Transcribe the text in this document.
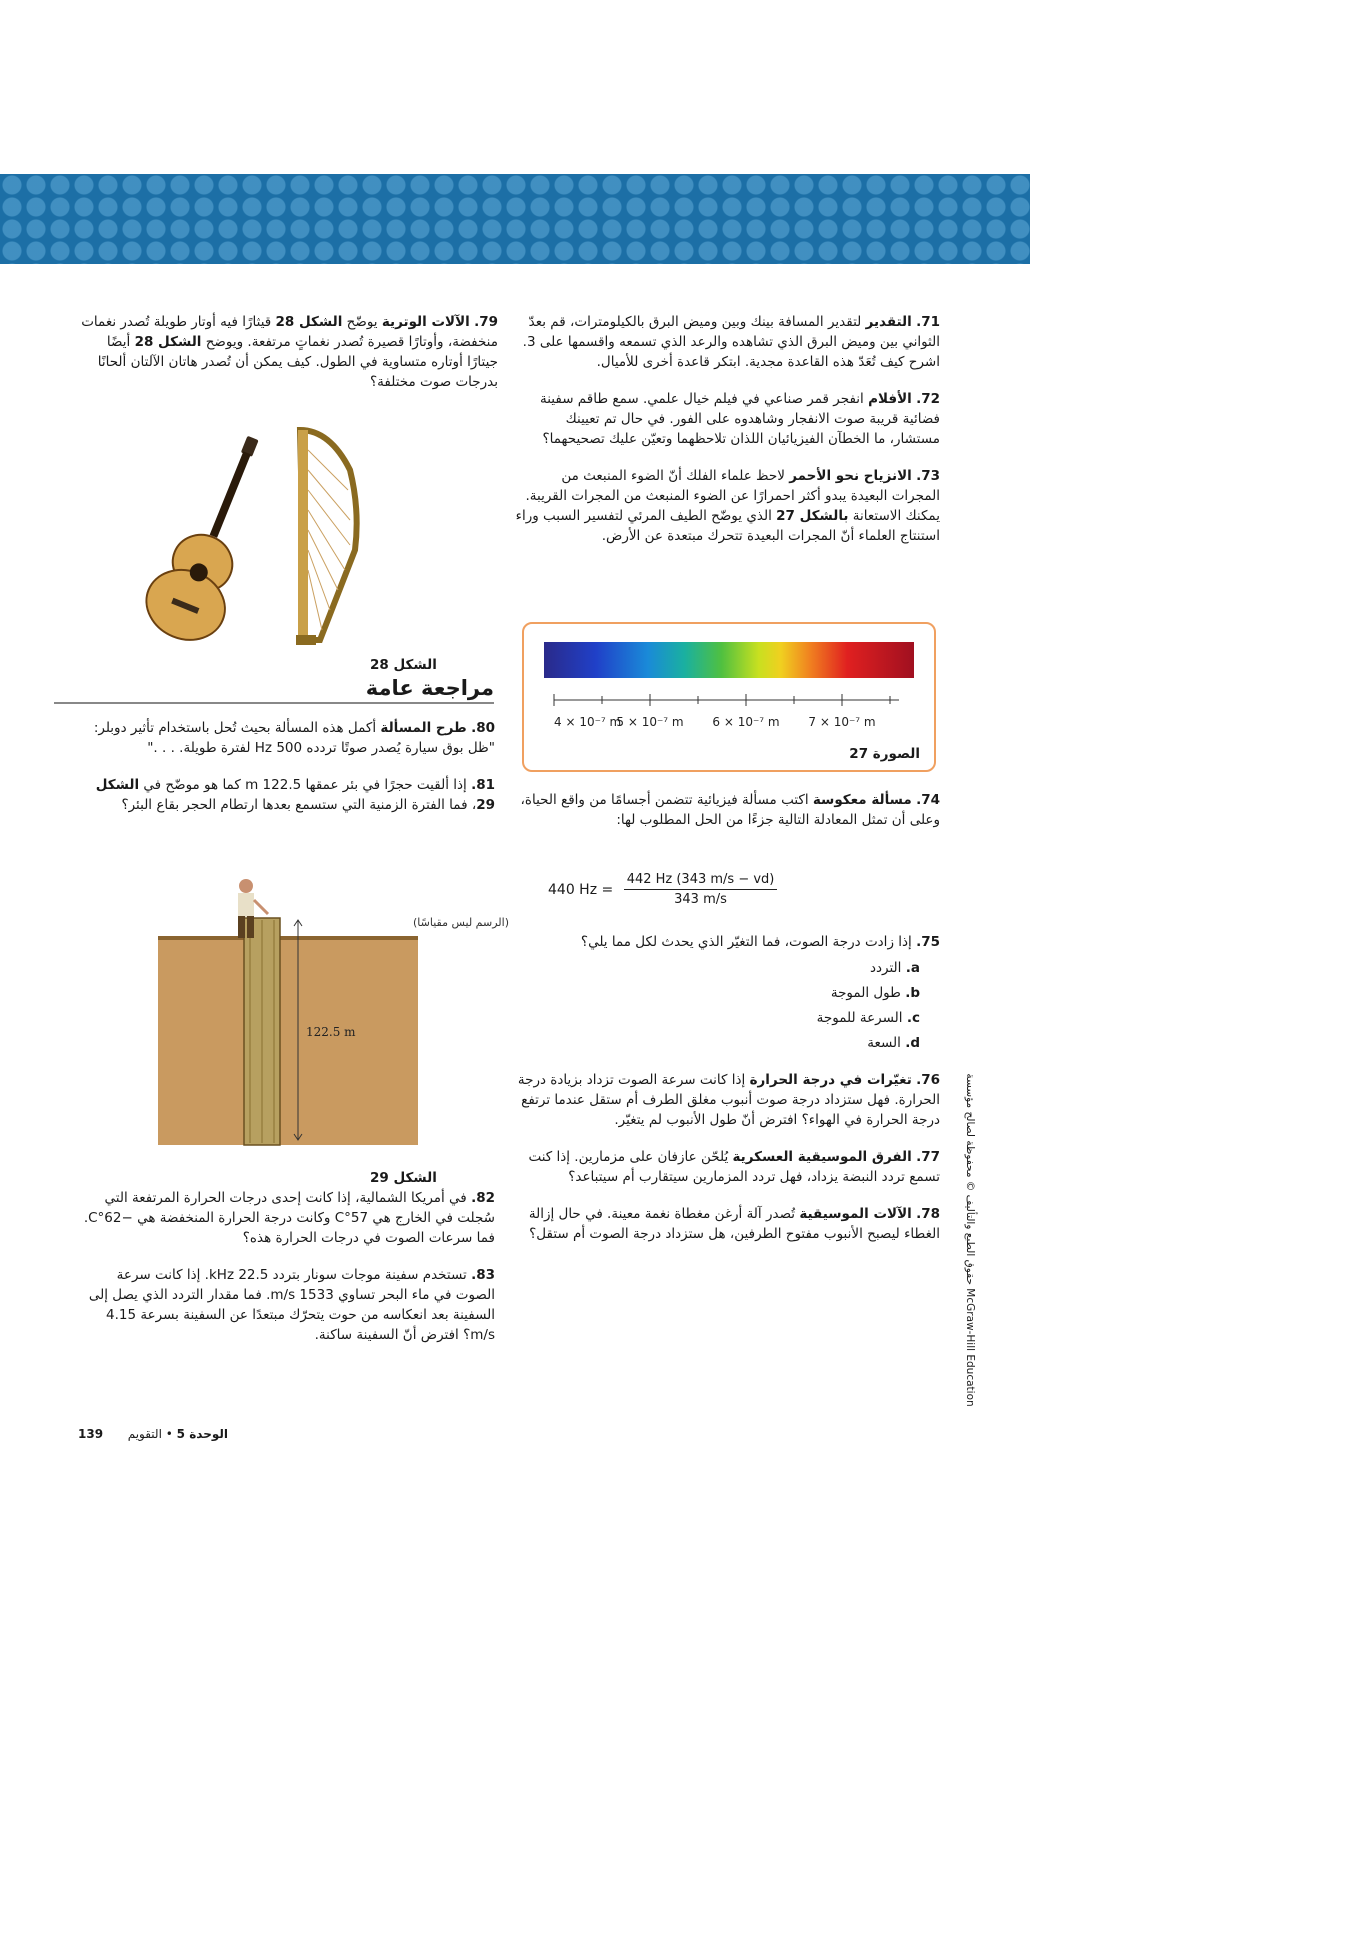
71. التقدير لتقدير المسافة بينك وبين وميض البرق بالكيلومترات، قم بعدّ الثواني بين وميض البرق الذي تشاهده والرعد الذي تسمعه واقسمها على 3. اشرح كيف تُعَدّ هذه القاعدة مجدية. ابتكر قاعدة أخرى للأميال.

72. الأفلام انفجر قمر صناعي في فيلم خيال علمي. سمع طاقم سفينة فضائية قريبة صوت الانفجار وشاهدوه على الفور. في حال تم تعيينك مستشار، ما الخطآن الفيزيائيان اللذان تلاحظهما وتعيّن عليك تصحيحهما؟

73. الانزياح نحو الأحمر لاحظ علماء الفلك أنّ الضوء المنبعث من المجرات البعيدة يبدو أكثر احمرارًا عن الضوء المنبعث من المجرات القريبة. يمكنك الاستعانة بالشكل 27 الذي يوضّح الطيف المرئي لتفسير السبب وراء استنتاج العلماء أنّ المجرات البعيدة تتحرك مبتعدة عن الأرض.

4 × 10⁻⁷ m
5 × 10⁻⁷ m 6 × 10⁻⁷ m 7 × 10⁻⁷ m
الصورة 27

74. مسألة معكوسة اكتب مسألة فيزيائية تتضمن أجسامًا من واقع الحياة، وعلى أن تمثل المعادلة التالية جزءًا من الحل المطلوب لها:

440 $Hz = \frac{442 Hz (343 m/s - vd)}{343 m/s}$

75. إذا زادت درجة الصوت، فما التغيّر الذي يحدث لكل مما يلي؟

a. التردد
b. طول الموجة
c. السرعة للموجة
d. السعة

76. تغيّرات في درجة الحرارة إذا كانت سرعة الصوت تزداد بزيادة درجة الحرارة. فهل ستزداد درجة صوت أنبوب مغلق الطرف أم ستقل عندما ترتفع درجة الحرارة في الهواء؟ افترض أنّ طول الأنبوب لم يتغيّر.

77. الفرق الموسيقية العسكرية يُلحّن عازفان على مزمارين. إذا كنت تسمع تردد النبضة يزداد، فهل تردد المزمارين سيتقارب أم سيتباعد؟

78. الآلات الموسيقية تُصدر آلة أرغن مغطاة نغمة معينة. في حال إزالة الغطاء ليصبح الأنبوب مفتوح الطرفين، هل ستزداد درجة الصوت أم ستقل؟ حقوق الطبع والتأليف © محفوظة لصالح مؤسسة McGraw-Hill Education

79. الآلات الوترية يوضّح الشكل 28 قيثارًا فيه أوتار طويلة تُصدر نغمات منخفضة، وأوتارًا قصيرة تُصدر نغماتٍ مرتفعة. ويوضح الشكل 28 أيضًا جيتارًا أوتاره متساوية في الطول. كيف يمكن أن تُصدر هاتان الآلتان ألحانًا بدرجات صوت مختلفة؟

الشكل 28
مراجعة عامة

80. طرح المسألة أكمل هذه المسألة بحيث تُحل باستخدام تأثير دوبلر: "ظل بوق سيارة يُصدر صوتًا تردده 500 Hz لفترة طويلة. . . ."

81. إذا ألقيت حجرًا في بئر عمقها 122.5 m كما هو موضّح في الشكل 29، فما الفترة الزمنية التي ستسمع بعدها ارتطام الحجر بقاع البئر؟

122.5 m
(الرسم ليس مقياسًا)
الشكل 29

82. في أمريكا الشمالية، إذا كانت إحدى درجات الحرارة المرتفعة التي سُجلت في الخارج هي 57°C وكانت درجة الحرارة المنخفضة هي −62°C. فما سرعات الصوت في درجات الحرارة هذه؟

83. تستخدم سفينة موجات سونار بتردد 22.5 kHz. إذا كانت سرعة الصوت في ماء البحر تساوي 1533 m/s. فما مقدار التردد الذي يصل إلى السفينة بعد انعكاسه من حوت يتحرّك مبتعدًا عن السفينة بسرعة 4.15 m/s؟ افترض أنّ السفينة ساكنة.

الوحدة 5 • التقويم
139
